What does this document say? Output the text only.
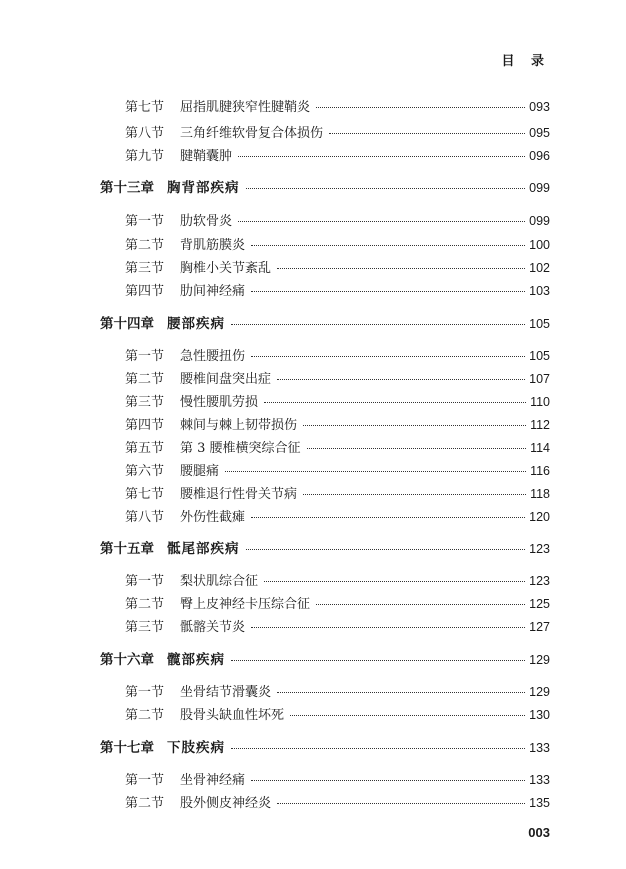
目 录
第七节	屈指肌腱狭窄性腱鞘炎	093
第八节	三角纤维软骨复合体损伤	095
第九节	腱鞘囊肿	096
第十三章 胸背部疾病	099
第一节	肋软骨炎	099
第二节	背肌筋膜炎	100
第三节	胸椎小关节紊乱	102
第四节	肋间神经痛	103
第十四章 腰部疾病	105
第一节	急性腰扭伤	105
第二节	腰椎间盘突出症	107
第三节	慢性腰肌劳损	110
第四节	棘间与棘上韧带损伤	112
第五节	第 3 腰椎横突综合征	114
第六节	腰腿痛	116
第七节	腰椎退行性骨关节病	118
第八节	外伤性截瘫	120
第十五章 骶尾部疾病	123
第一节	梨状肌综合征	123
第二节	臀上皮神经卡压综合征	125
第三节	骶髂关节炎	127
第十六章 髋部疾病	129
第一节	坐骨结节滑囊炎	129
第二节	股骨头缺血性坏死	130
第十七章 下肢疾病	133
第一节	坐骨神经痛	133
第二节	股外侧皮神经炎	135
003
